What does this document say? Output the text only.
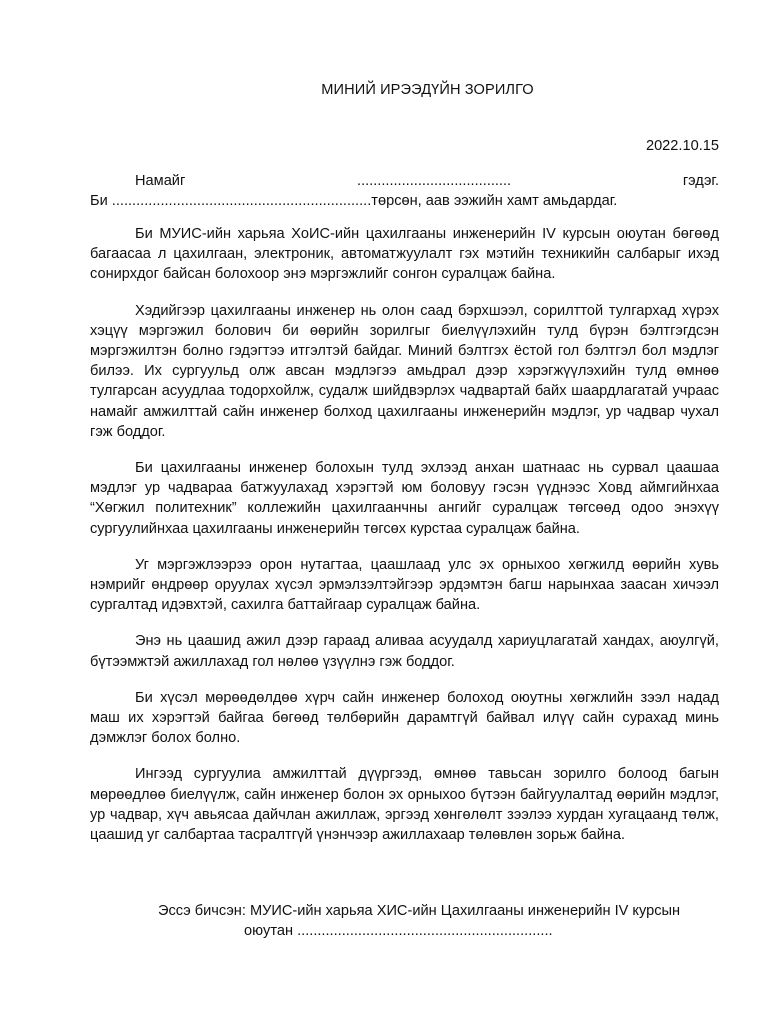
МИНИЙ ИРЭЭДҮЙН ЗОРИЛГО
2022.10.15
Намайг	......................................	гэдэг.
Би ................................................................төрсөн, аав ээжийн хамт амьдардаг.

Би МУИС-ийн харьяа ХоИС-ийн цахилгааны инженерийн IV курсын оюутан бөгөөд багаасаа л цахилгаан, электроник, автоматжуулалт гэх мэтийн техникийн салбарыг ихэд сонирхдог байсан болохоор энэ мэргэжлийг сонгон суралцаж байна.

Хэдийгээр цахилгааны инженер нь олон саад бэрхшээл, сорилттой тулгархад хүрэх хэцүү мэргэжил болович би өөрийн зорилгыг биелүүлэхийн тулд бүрэн бэлтгэгдсэн мэргэжилтэн болно гэдэгтээ итгэлтэй байдаг. Миний бэлтгэх ёстой гол бэлтгэл бол мэдлэг билээ. Их сургуульд олж авсан мэдлэгээ амьдрал дээр хэрэгжүүлэхийн тулд өмнөө тулгарсан асуудлаа тодорхойлж, судалж шийдвэрлэх чадвартай байх шаардлагатай учраас намайг амжилттай сайн инженер болход цахилгааны инженерийн мэдлэг, ур чадвар чухал гэж боддог.

Би цахилгааны инженер болохын тулд эхлээд анхан шатнаас нь сурвал цаашаа мэдлэг ур чадвараа батжуулахад хэрэгтэй юм боловуу гэсэн үүднээс Ховд аймгийнхаа “Хөгжил политехник” коллежийн цахилгаанчны ангийг суралцаж төгсөөд одоо энэхүү сургуулийнхаа цахилгааны инженерийн төгсөх курстаа суралцаж байна.

Уг мэргэжлээрээ орон нутагтаа, цаашлаад улс эх орныхоо хөгжилд өөрийн хувь нэмрийг өндрөөр оруулах хүсэл эрмэлзэлтэйгээр эрдэмтэн багш нарынхаа заасан хичээл сургалтад идэвхтэй, сахилга баттайгаар суралцаж байна.

Энэ нь цаашид ажил дээр гараад аливаа асуудалд хариуцлагатай хандах, аюулгүй, бүтээмжтэй ажиллахад гол нөлөө үзүүлнэ гэж боддог.

Би хүсэл мөрөөдөлдөө хүрч сайн инженер болоход оюутны хөгжлийн зээл надад маш их хэрэгтэй байгаа бөгөөд төлбөрийн дарамтгүй байвал илүү сайн сурахад минь дэмжлэг болох болно.

Ингээд сургуулиа амжилттай дүүргээд, өмнөө тавьсан зорилго болоод багын мөрөөдлөө биелүүлж, сайн инженер болон эх орныхоо бүтээн байгуулалтад өөрийн мэдлэг, ур чадвар, хүч авьясаа дайчлан ажиллаж, эргээд хөнгөлөлт зээлээ хурдан хугацаанд төлж, цаашид уг салбартаа тасралтгүй үнэнчээр ажиллахаар төлөвлөн зорьж байна.

Эссэ бичсэн: МУИС-ийн харьяа ХИС-ийн Цахилгааны инженерийн IV курсын
оюутан ...............................................................
